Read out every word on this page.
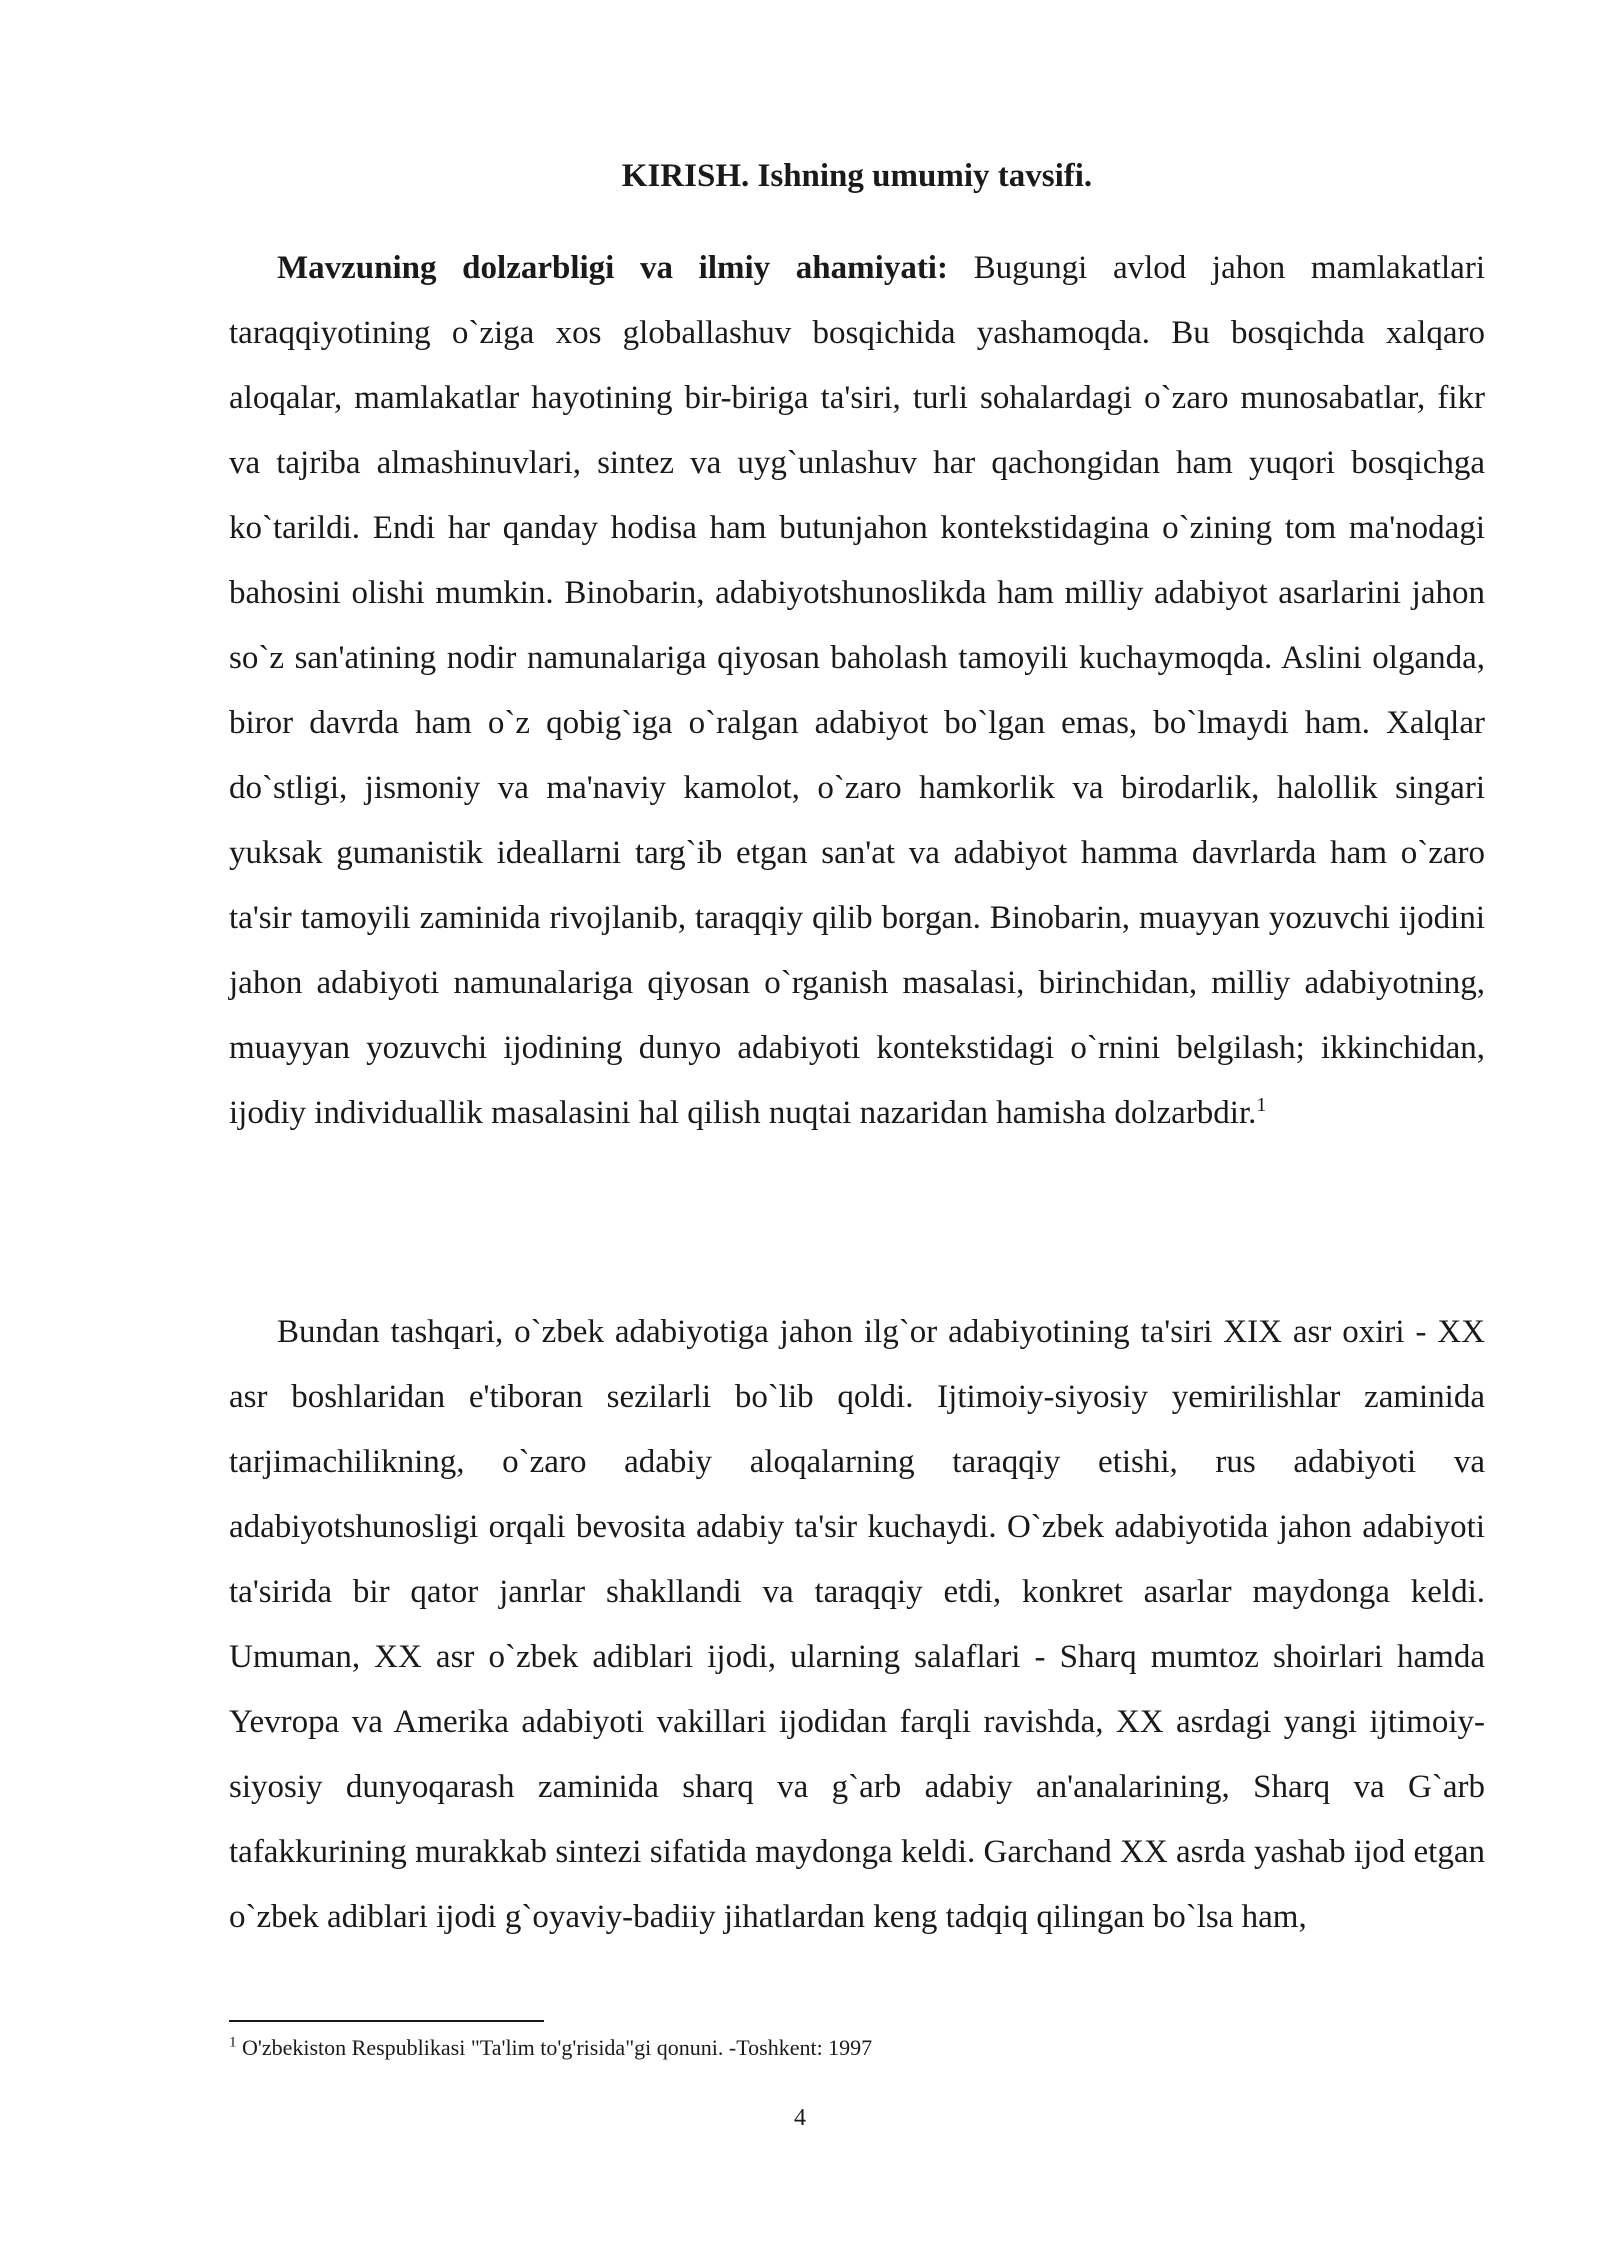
KIRISH. Ishning umumiy tavsifi.

Mavzuning dolzarbligi va ilmiy ahamiyati: Bugungi avlod jahon mamlakatlari taraqqiyotining o`ziga xos globallashuv bosqichida yashamoqda. Bu bosqichda xalqaro aloqalar, mamlakatlar hayotining bir-biriga ta'siri, turli sohalardagi o`zaro munosabatlar, fikr va tajriba almashinuvlari, sintez va uyg`unlashuv har qachongidan ham yuqori bosqichga ko`tarildi. Endi har qanday hodisa ham butunjahon kontekstidagina o`zining tom ma'nodagi bahosini olishi mumkin. Binobarin, adabiyotshunoslikda ham milliy adabiyot asarlarini jahon so`z san'atining nodir namunalariga qiyosan baholash tamoyili kuchaymoqda. Aslini olganda, biror davrda ham o`z qobig`iga o`ralgan adabiyot bo`lgan emas, bo`lmaydi ham. Xalqlar do`stligi, jismoniy va ma'naviy kamolot, o`zaro hamkorlik va birodarlik, halollik singari yuksak gumanistik ideallarni targ`ib etgan san'at va adabiyot hamma davrlarda ham o`zaro ta'sir tamoyili zaminida rivojlanib, taraqqiy qilib borgan. Binobarin, muayyan yozuvchi ijodini jahon adabiyoti namunalariga qiyosan o`rganish masalasi, birinchidan, milliy adabiyotning, muayyan yozuvchi ijodining dunyo adabiyoti kontekstidagi o`rnini belgilash; ikkinchidan, ijodiy individuallik masalasini hal qilish nuqtai nazaridan hamisha dolzarbdir.$^1$

Bundan tashqari, o`zbek adabiyotiga jahon ilg`or adabiyotining ta'siri XIX asr oxiri - XX asr boshlaridan e'tiboran sezilarli bo`lib qoldi. Ijtimoiy-siyosiy yemirilishlar zaminida tarjimachilikning, o`zaro adabiy aloqalarning taraqqiy etishi, rus adabiyoti va adabiyotshunosligi orqali bevosita adabiy ta'sir kuchaydi. O`zbek adabiyotida jahon adabiyoti ta'sirida bir qator janrlar shakllandi va taraqqiy etdi, konkret asarlar maydonga keldi. Umuman, XX asr o`zbek adiblari ijodi, ularning salaflari - Sharq mumtoz shoirlari hamda Yevropa va Amerika adabiyoti vakillari ijodidan farqli ravishda, XX asrdagi yangi ijtimoiy-siyosiy dunyoqarash zaminida sharq va g`arb adabiy an'analarining, Sharq va G`arb tafakkurining murakkab sintezi sifatida maydonga keldi. Garchand XX asrda yashab ijod etgan o`zbek adiblari ijodi g`oyaviy-badiiy jihatlardan keng tadqiq qilingan bo`lsa ham,

$^1$ O'zbekiston Respublikasi "Ta'lim to'g'risida"gi qonuni. -Toshkent: 1997

4
